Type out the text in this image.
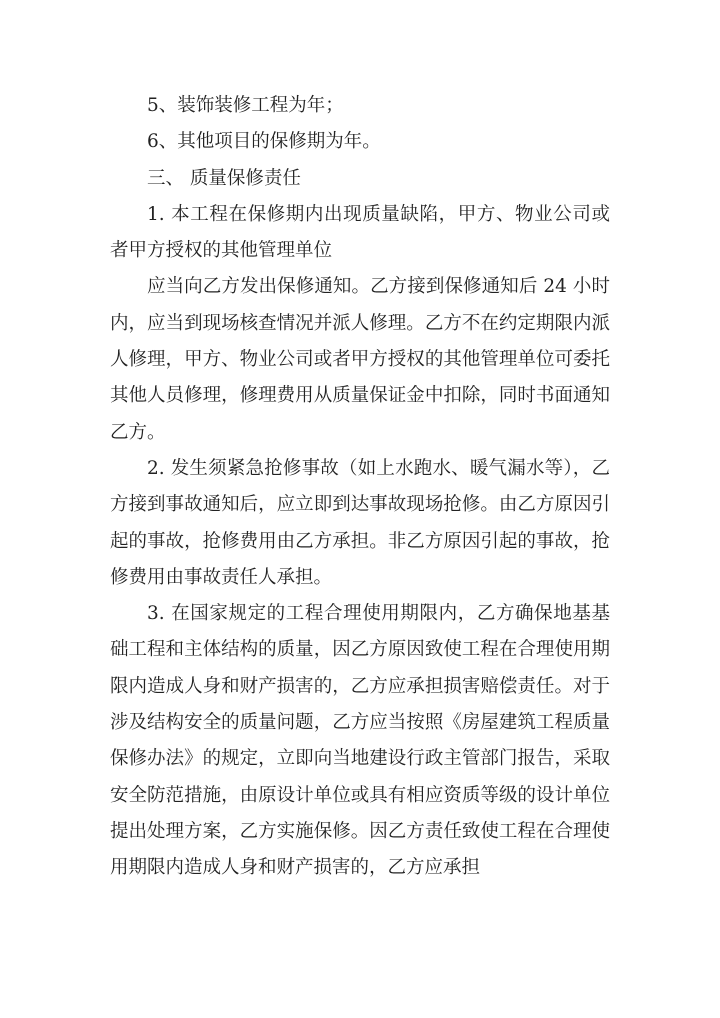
5、装饰装修工程为年；

6、其他项目的保修期为年。

三、 质量保修责任

1. 本工程在保修期内出现质量缺陷，甲方、物业公司或者甲方授权的其他管理单位

应当向乙方发出保修通知。乙方接到保修通知后 24 小时内，应当到现场核查情况并派人修理。乙方不在约定期限内派人修理，甲方、物业公司或者甲方授权的其他管理单位可委托其他人员修理，修理费用从质量保证金中扣除，同时书面通知乙方。

2. 发生须紧急抢修事故（如上水跑水、暖气漏水等），乙方接到事故通知后，应立即到达事故现场抢修。由乙方原因引起的事故，抢修费用由乙方承担。非乙方原因引起的事故，抢修费用由事故责任人承担。

3. 在国家规定的工程合理使用期限内，乙方确保地基基础工程和主体结构的质量，因乙方原因致使工程在合理使用期限内造成人身和财产损害的，乙方应承担损害赔偿责任。对于涉及结构安全的质量问题，乙方应当按照《房屋建筑工程质量保修办法》的规定，立即向当地建设行政主管部门报告，采取安全防范措施，由原设计单位或具有相应资质等级的设计单位提出处理方案，乙方实施保修。因乙方责任致使工程在合理使用期限内造成人身和财产损害的，乙方应承担
